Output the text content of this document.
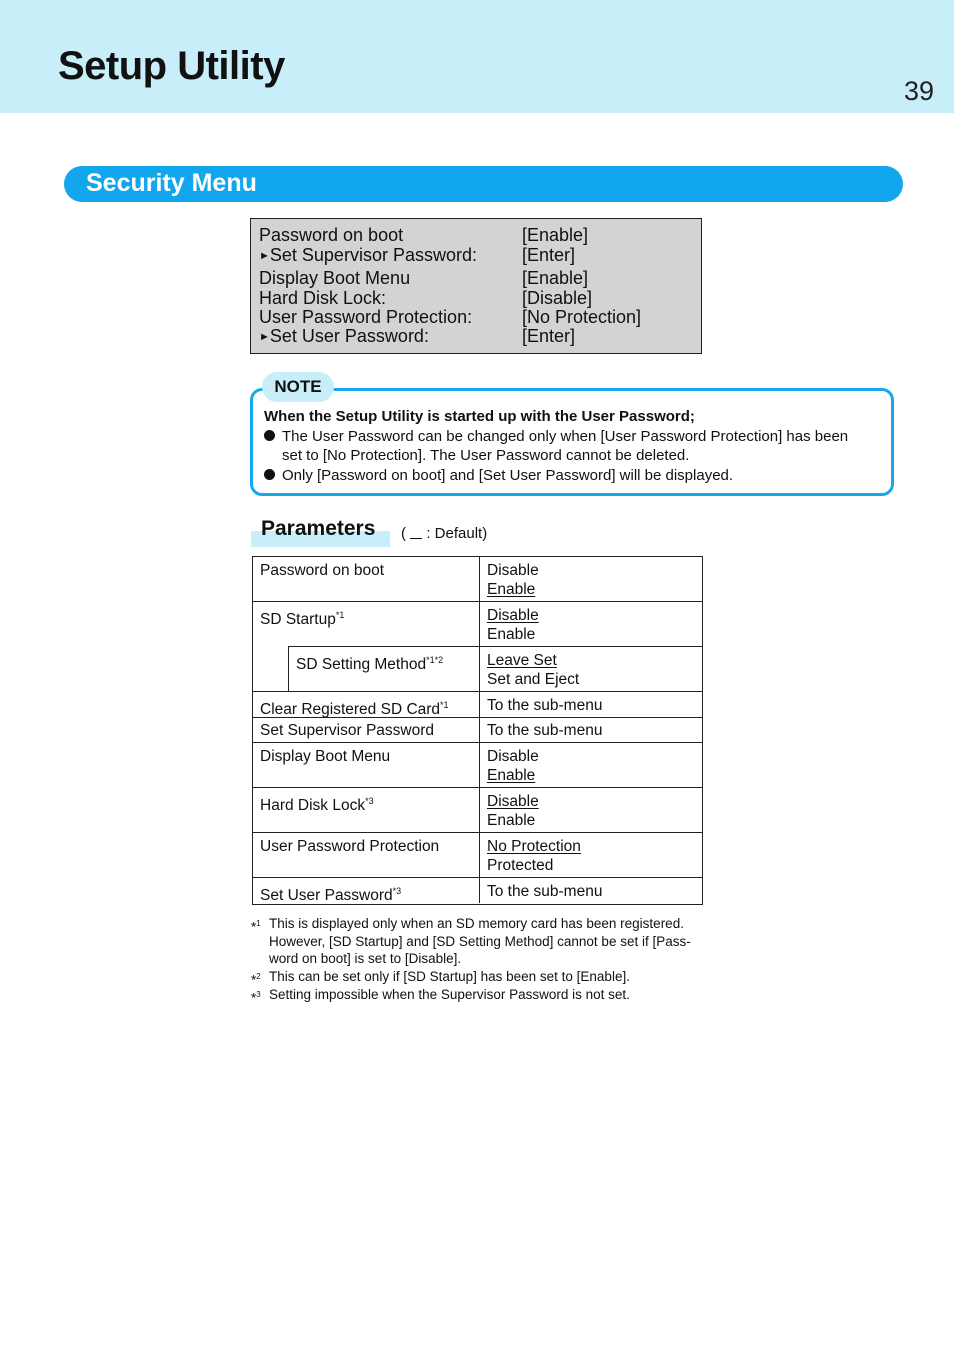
Setup Utility
39
Security Menu
Password on boot	[Enable]
►Set Supervisor Password:	[Enter]
Display Boot Menu	[Enable]
Hard Disk Lock:	[Disable]
User Password Protection:	[No Protection]
►Set User Password:	[Enter]
NOTE
When the Setup Utility is started up with the User Password;
The User Password can be changed only when [User Password Protection] has been
set to [No Protection]. The User Password cannot be deleted.
Only [Password on boot] and [Set User Password] will be displayed.
Parameters (  : Default)
Password on boot	Disable
Enable
SD Startup$^{*1}$	Disable
Enable
SD Setting Method$^{*1*2}$	Leave Set
Set and Eject
Clear Registered SD Card$^{*1}$ To the sub-menu
Set Supervisor Password	To the sub-menu
Display Boot Menu	Disable
Enable
Hard Disk Lock$^{*3}$	Disable
Enable
User Password Protection	No Protection
Protected
Set User Password$^{*3}$	To the sub-menu
*$^1$ This is displayed only when an SD memory card has been registered.
However, [SD Startup] and [SD Setting Method] cannot be set if [Pass-
word on boot] is set to [Disable].
*$^2$ This can be set only if [SD Startup] has been set to [Enable].
*$^3$ Setting impossible when the Supervisor Password is not set.
